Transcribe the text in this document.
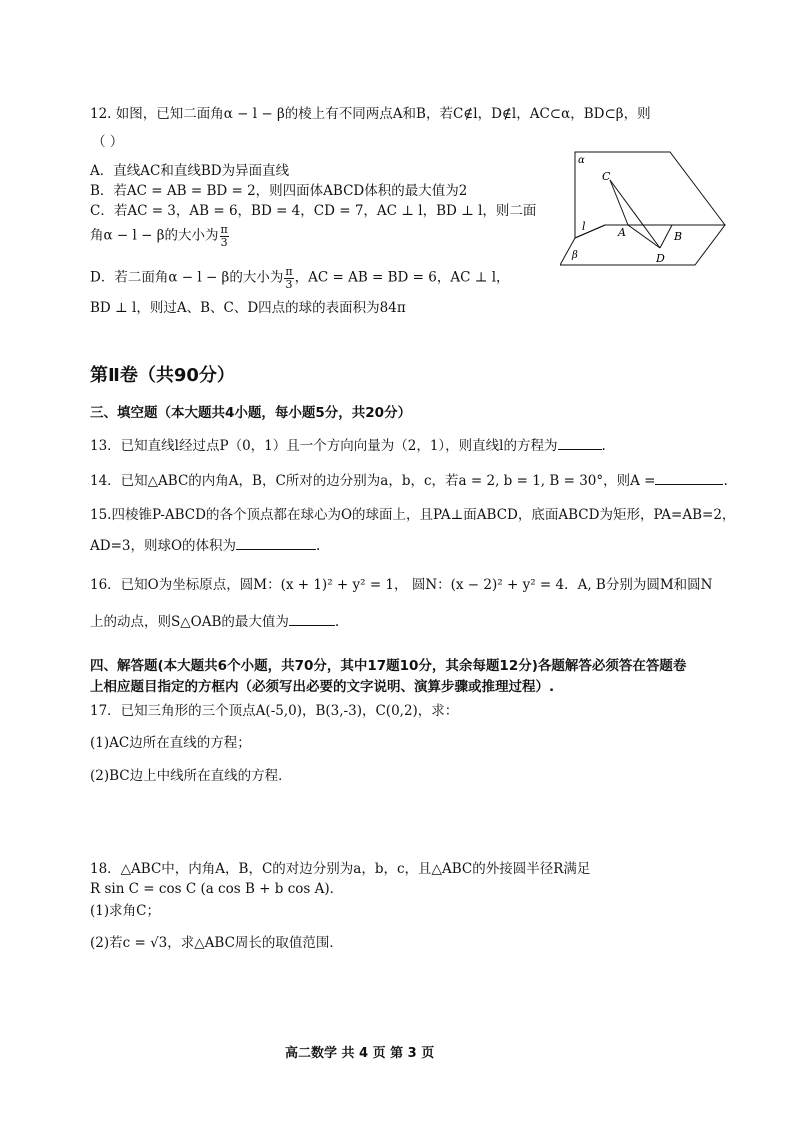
12. 如图，已知二面角α − l − β的棱上有不同两点A和B，若C∉l，D∉l，AC⊂α，BD⊂β，则
（ ）
A．直线AC和直线BD为异面直线
B．若AC = AB = BD = 2，则四面体ABCD体积的最大值为2
C．若AC = 3，AB = 6，BD = 4，CD = 7，AC ⊥ l，BD ⊥ l，则二面
角α − l − β的大小为 $\frac{\pi}{3}$
D．若二面角α − l − β的大小为 $\frac{\pi}{3}$ ，AC = AB = BD = 6，AC ⊥ l，
BD ⊥ l，则过A、B、C、D四点的球的表面积为84π
α
β
l
C
A	B
D
第Ⅱ卷（共90分）
三、填空题（本大题共4小题，每小题5分，共20分）
13．已知直线l经过点P（0，1）且一个方向向量为（2，1），则直线l的方程为	.
14．已知△ABC的内角A，B，C所对的边分别为a，b，c，若a = 2, b = 1, B = 30°，则A =	.
15.四棱锥P-ABCD的各个顶点都在球心为O的球面上，且PA⊥面ABCD，底面ABCD为矩形，PA=AB=2，
AD=3，则球O的体积为	.
16．已知O为坐标原点，圆M：(x + 1)² + y² = 1， 圆N：(x − 2)² + y² = 4．A, B分别为圆M和圆N
上的动点，则S△OAB的最大值为	.
四、解答题(本大题共6个小题，共70分，其中17题10分，其余每题12分)各题解答必须答在答题卷
上相应题目指定的方框内（必须写出必要的文字说明、演算步骤或推理过程）.
17．已知三角形的三个顶点A(-5,0)，B(3,-3)，C(0,2)，求：
(1)AC边所在直线的方程；
(2)BC边上中线所在直线的方程．
18．△ABC中，内角A，B，C的对边分别为a，b，c，且△ABC的外接圆半径R满足
R sin C = cos C (a cos B + b cos A)．
(1)求角C；
(2)若c = √3，求△ABC周长的取值范围．
高二数学 共 4 页 第 3 页
